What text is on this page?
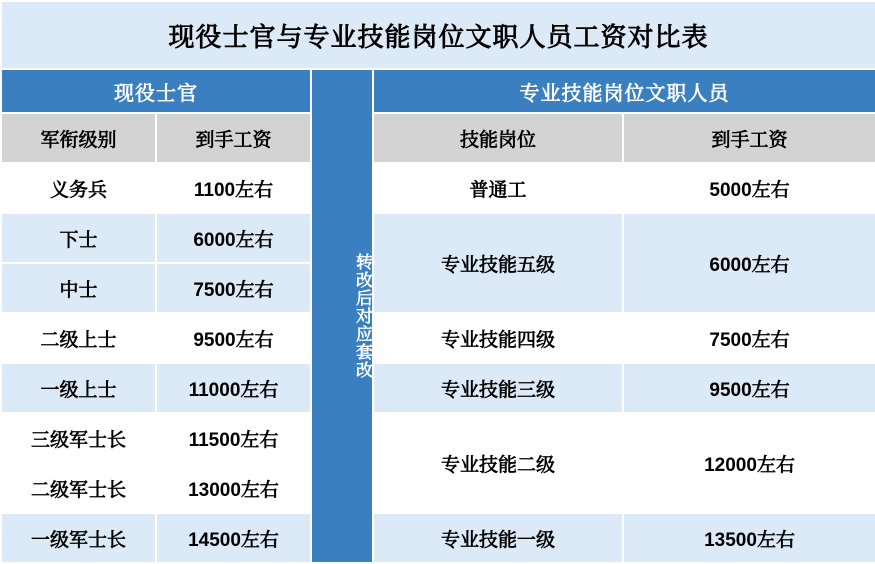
现役士官与专业技能岗位文职人员工资对比表				
现役士官		转改后对应套改	专业技能岗位文职人员	
军衔级别	到手工资		技能岗位	到手工资
义务兵	1100左右		普通工	5000左右
下士	6000左右		专业技能五级	6000左右
中士	7500左右			
二级上士	9500左右		专业技能四级	7500左右
一级上士	11000左右		专业技能三级	9500左右
三级军士长	11500左右		专业技能二级	12000左右
二级军士长	13000左右			
一级军士长	14500左右		专业技能一级	13500左右
